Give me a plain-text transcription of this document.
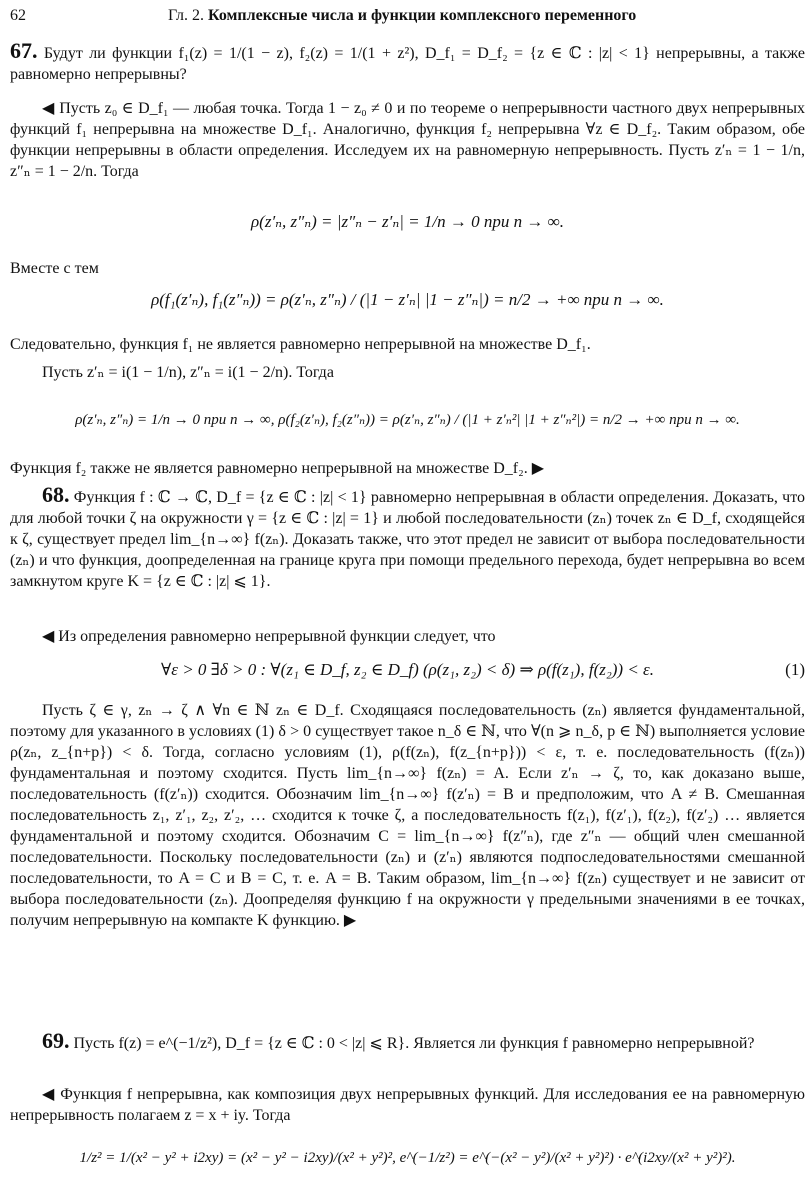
62	Гл. 2. Комплексные числа и функции комплексного переменного
67. Будут ли функции f₁(z) = 1/(1 − z), f₂(z) = 1/(1 + z²), D_f₁ = D_f₂ = {z ∈ ℂ : |z| < 1} непрерывны, а также равномерно непрерывны?
◀ Пусть z₀ ∈ D_f₁ — любая точка. Тогда 1 − z₀ ≠ 0 и по теореме о непрерывности частного двух непрерывных функций f₁ непрерывна на множестве D_f₁. Аналогично, функция f₂ непрерывна ∀z ∈ D_f₂. Таким образом, обе функции непрерывны в области определения. Исследуем их на равномерную непрерывность. Пусть z′ₙ = 1 − 1/n, z″ₙ = 1 − 2/n. Тогда
ρ(z′ₙ, z″ₙ) = |z″ₙ − z′ₙ| = 1/n → 0 при n → ∞.
Вместе с тем
ρ(f₁(z′ₙ), f₁(z″ₙ)) = ρ(z′ₙ, z″ₙ) / (|1 − z′ₙ| |1 − z″ₙ|) = n/2 → +∞ при n → ∞.
Следовательно, функция f₁ не является равномерно непрерывной на множестве D_f₁.
Пусть z′ₙ = i(1 − 1/n), z″ₙ = i(1 − 2/n). Тогда
ρ(z′ₙ, z″ₙ) = 1/n → 0 при n → ∞, ρ(f₂(z′ₙ), f₂(z″ₙ)) = ρ(z′ₙ, z″ₙ) / (|1 + z′ₙ²| |1 + z″ₙ²|) = n/2 → +∞ при n → ∞.
Функция f₂ также не является равномерно непрерывной на множестве D_f₂. ▶
68. Функция f : ℂ → ℂ, D_f = {z ∈ ℂ : |z| < 1} равномерно непрерывная в области определения. Доказать, что для любой точки ζ на окружности γ = {z ∈ ℂ : |z| = 1} и любой последовательности (zₙ) точек zₙ ∈ D_f, сходящейся к ζ, существует предел lim_{n→∞} f(zₙ). Доказать также, что этот предел не зависит от выбора последовательности (zₙ) и что функция, доопределенная на границе круга при помощи предельного перехода, будет непрерывна во всем замкнутом круге K = {z ∈ ℂ : |z| ⩽ 1}.
◀ Из определения равномерно непрерывной функции следует, что
∀ε > 0 ∃δ > 0 : ∀(z₁ ∈ D_f, z₂ ∈ D_f) (ρ(z₁, z₂) < δ) ⇒ ρ(f(z₁), f(z₂)) < ε.	(1)
Пусть ζ ∈ γ, zₙ → ζ ∧ ∀n ∈ ℕ zₙ ∈ D_f. Сходящаяся последовательность (zₙ) является фундаментальной, поэтому для указанного в условиях (1) δ > 0 существует такое n_δ ∈ ℕ, что ∀(n ⩾ n_δ, p ∈ ℕ) выполняется условие ρ(zₙ, z_{n+p}) < δ. Тогда, согласно условиям (1), ρ(f(zₙ), f(z_{n+p})) < ε, т. е. последовательность (f(zₙ)) фундаментальная и поэтому сходится. Пусть lim_{n→∞} f(zₙ) = A. Если z′ₙ → ζ, то, как доказано выше, последовательность (f(z′ₙ)) сходится. Обозначим lim_{n→∞} f(z′ₙ) = B и предположим, что A ≠ B. Смешанная последовательность z₁, z′₁, z₂, z′₂, … сходится к точке ζ, а последовательность f(z₁), f(z′₁), f(z₂), f(z′₂) … является фундаментальной и поэтому сходится. Обозначим C = lim_{n→∞} f(z″ₙ), где z″ₙ — общий член смешанной последовательности. Поскольку последовательности (zₙ) и (z′ₙ) являются подпоследовательностями смешанной последовательности, то A = C и B = C, т. е. A = B. Таким образом, lim_{n→∞} f(zₙ) существует и не зависит от выбора последовательности (zₙ). Доопределяя функцию f на окружности γ предельными значениями в ее точках, получим непрерывную на компакте K функцию. ▶
69. Пусть f(z) = e^(−1/z²), D_f = {z ∈ ℂ : 0 < |z| ⩽ R}. Является ли функция f равномерно непрерывной?
◀ Функция f непрерывна, как композиция двух непрерывных функций. Для исследования ее на равномерную непрерывность полагаем z = x + iy. Тогда
1/z² = 1/(x² − y² + i2xy) = (x² − y² − i2xy)/(x² + y²)², e^(−1/z²) = e^(−(x² − y²)/(x² + y²)²) · e^(i2xy/(x² + y²)²).
